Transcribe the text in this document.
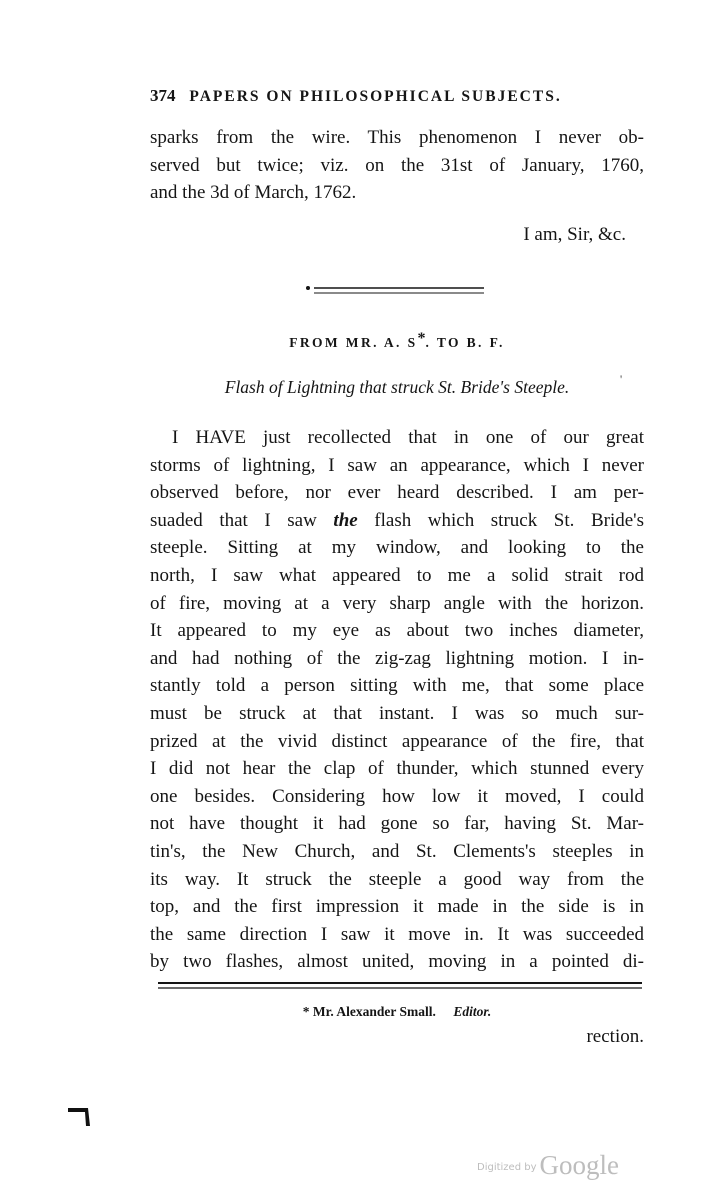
374 PAPERS ON PHILOSOPHICAL SUBJECTS.
sparks from the wire. This phenomenon I never ob-
served but twice; viz. on the 31st of January, 1760,
and the 3d of March, 1762.
I am, Sir, &c.
FROM MR. A. S*. TO B. F.
Flash of Lightning that struck St. Bride's Steeple.	'
I HAVE just recollected that in one of our great
storms of lightning, I saw an appearance, which I never
observed before, nor ever heard described. I am per-
suaded that I saw the flash which struck St. Bride's
steeple. Sitting at my window, and looking to the
north, I saw what appeared to me a solid strait rod
of fire, moving at a very sharp angle with the horizon.
It appeared to my eye as about two inches diameter,
and had nothing of the zig-zag lightning motion. I in-
stantly told a person sitting with me, that some place
must be struck at that instant. I was so much sur-
prized at the vivid distinct appearance of the fire, that
I did not hear the clap of thunder, which stunned every
one besides. Considering how low it moved, I could
not have thought it had gone so far, having St. Mar-
tin's, the New Church, and St. Clements's steeples in
its way. It struck the steeple a good way from the
top, and the first impression it made in the side is in
the same direction I saw it move in. It was succeeded
by two flashes, almost united, moving in a pointed di-
* Mr. Alexander Small. Editor.
rection.
$^{Digitized by}$ Google
